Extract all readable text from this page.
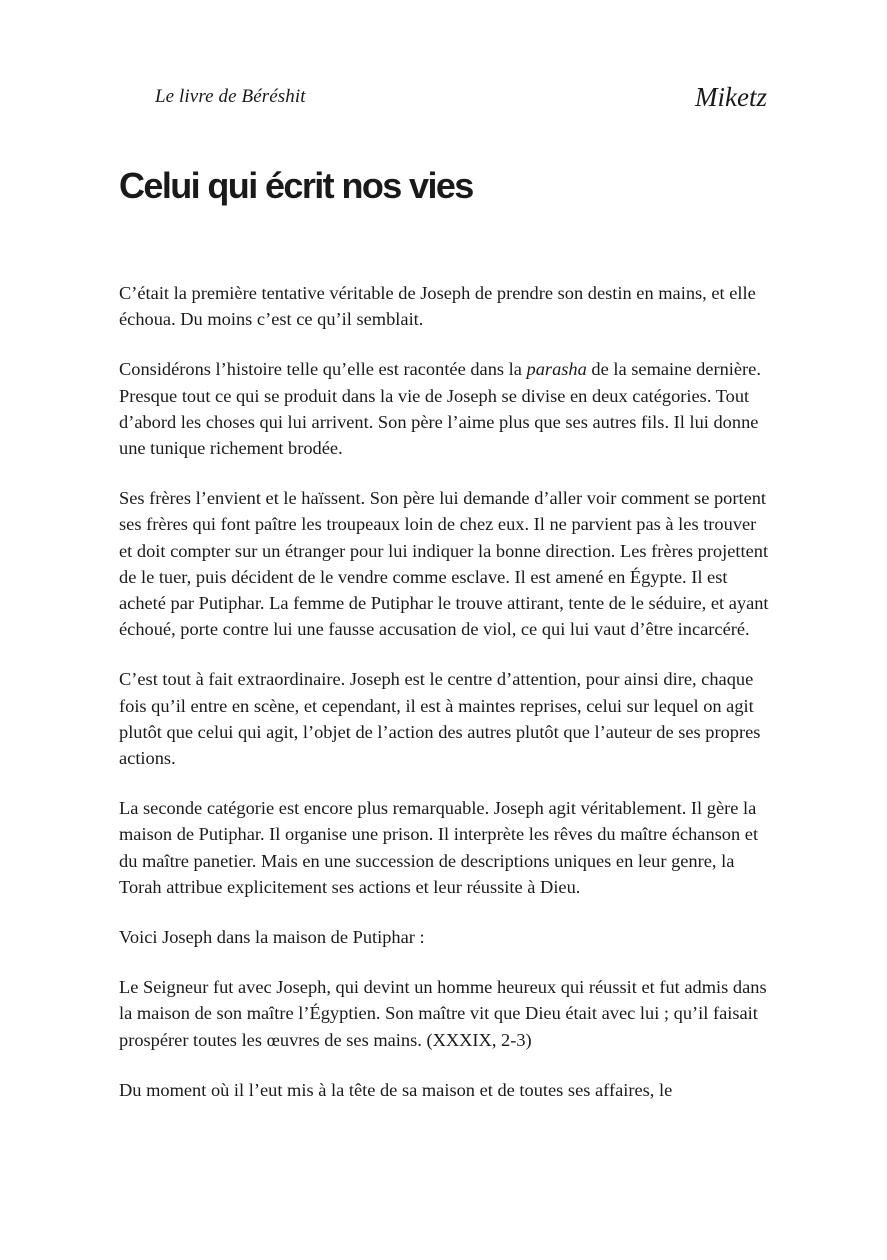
Le livre de Béréshit	Miketz
Celui qui écrit nos vies

C’était la première tentative véritable de Joseph de prendre son destin en mains, et elle échoua. Du moins c’est ce qu’il semblait.

Considérons l’histoire telle qu’elle est racontée dans la parasha de la semaine dernière. Presque tout ce qui se produit dans la vie de Joseph se divise en deux catégories. Tout d’abord les choses qui lui arrivent. Son père l’aime plus que ses autres fils. Il lui donne une tunique richement brodée.

Ses frères l’envient et le haïssent. Son père lui demande d’aller voir comment se portent ses frères qui font paître les troupeaux loin de chez eux. Il ne parvient pas à les trouver et doit compter sur un étranger pour lui indiquer la bonne direction. Les frères projettent de le tuer, puis décident de le vendre comme esclave. Il est amené en Égypte. Il est acheté par Putiphar. La femme de Putiphar le trouve attirant, tente de le séduire, et ayant échoué, porte contre lui une fausse accusation de viol, ce qui lui vaut d’être incarcéré.

C’est tout à fait extraordinaire. Joseph est le centre d’attention, pour ainsi dire, chaque fois qu’il entre en scène, et cependant, il est à maintes reprises, celui sur lequel on agit plutôt que celui qui agit, l’objet de l’action des autres plutôt que l’auteur de ses propres actions.

La seconde catégorie est encore plus remarquable. Joseph agit véritablement. Il gère la maison de Putiphar. Il organise une prison. Il interprète les rêves du maître échanson et du maître panetier. Mais en une succession de descriptions uniques en leur genre, la Torah attribue explicitement ses actions et leur réussite à Dieu.

Voici Joseph dans la maison de Putiphar :

Le Seigneur fut avec Joseph, qui devint un homme heureux qui réussit et fut admis dans la maison de son maître l’Égyptien. Son maître vit que Dieu était avec lui ; qu’il faisait prospérer toutes les œuvres de ses mains. (XXXIX, 2-3)

Du moment où il l’eut mis à la tête de sa maison et de toutes ses affaires, le
